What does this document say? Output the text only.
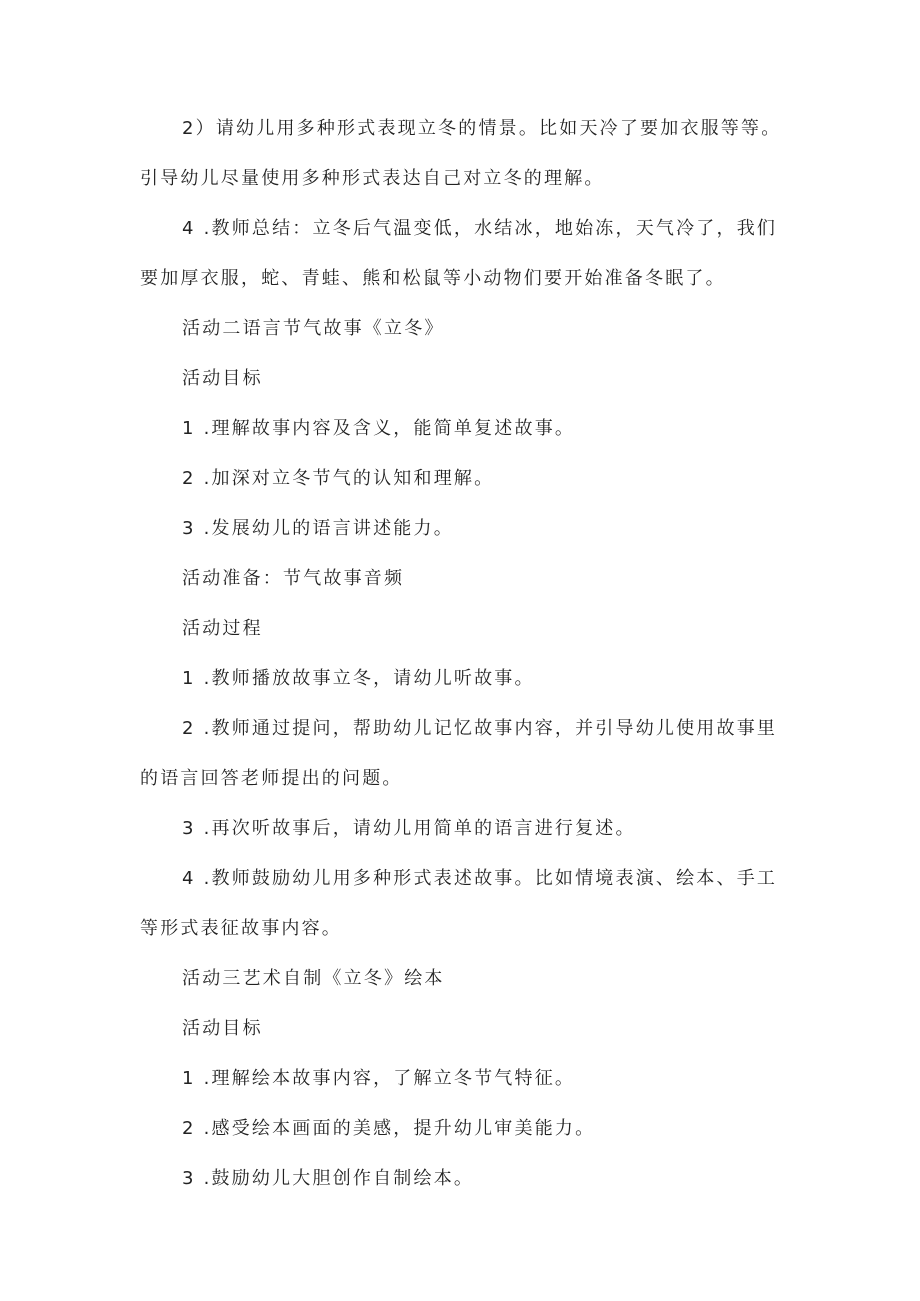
2）请幼儿用多种形式表现立冬的情景。比如天冷了要加衣服等等。
引导幼儿尽量使用多种形式表达自己对立冬的理解。

4 .教师总结：立冬后气温变低，水结冰，地始冻，天气冷了，我们
要加厚衣服，蛇、青蛙、熊和松鼠等小动物们要开始准备冬眠了。

活动二语言节气故事《立冬》

活动目标

1 .理解故事内容及含义，能简单复述故事。

2 .加深对立冬节气的认知和理解。

3 .发展幼儿的语言讲述能力。

活动准备：节气故事音频

活动过程

1 .教师播放故事立冬，请幼儿听故事。

2 .教师通过提问，帮助幼儿记忆故事内容，并引导幼儿使用故事里
的语言回答老师提出的问题。

3 .再次听故事后，请幼儿用简单的语言进行复述。

4 .教师鼓励幼儿用多种形式表述故事。比如情境表演、绘本、手工
等形式表征故事内容。

活动三艺术自制《立冬》绘本

活动目标

1 .理解绘本故事内容，了解立冬节气特征。

2 .感受绘本画面的美感，提升幼儿审美能力。

3 .鼓励幼儿大胆创作自制绘本。
